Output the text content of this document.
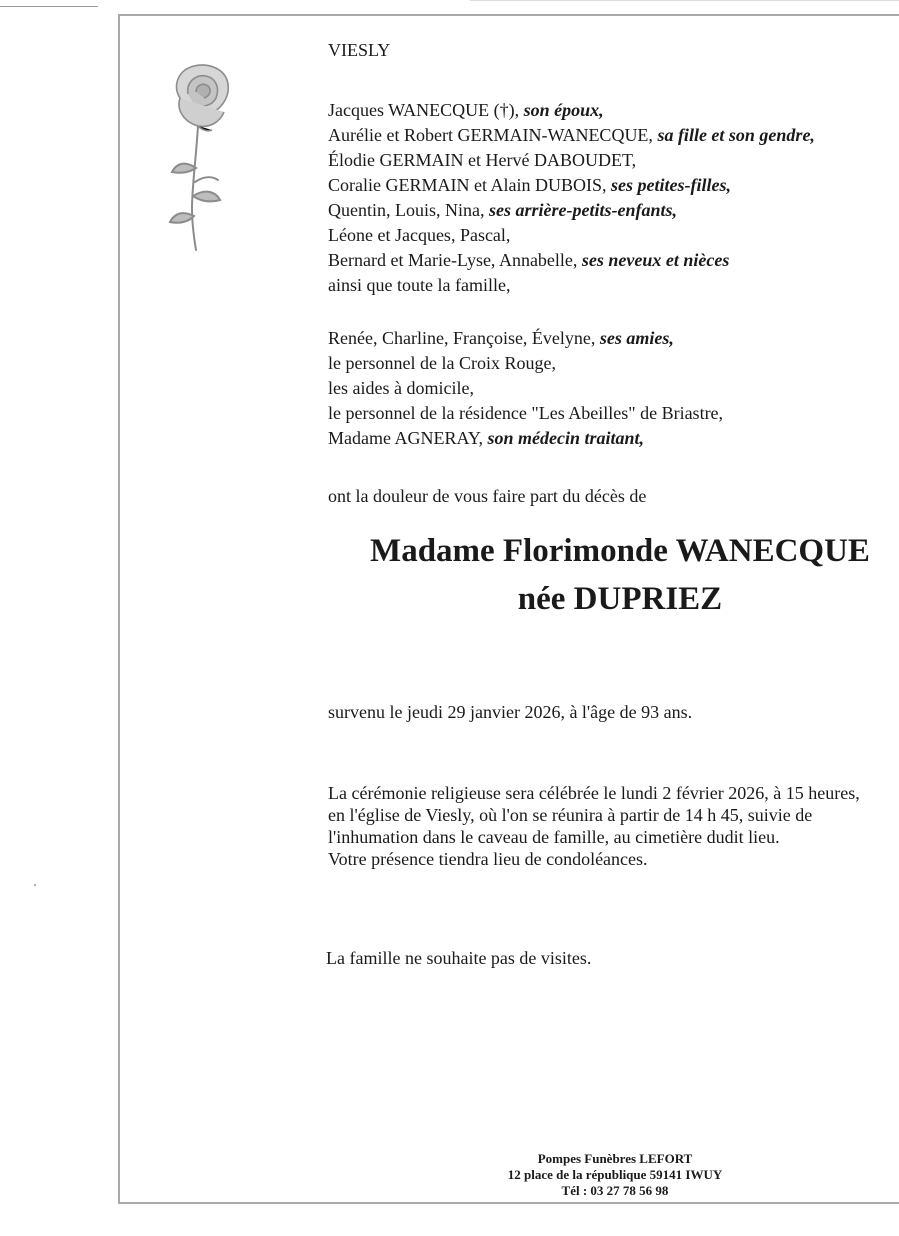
VIESLY
Jacques WANECQUE (†), son époux,
Aurélie et Robert GERMAIN-WANECQUE, sa fille et son gendre,
Élodie GERMAIN et Hervé DABOUDET,
Coralie GERMAIN et Alain DUBOIS, ses petites-filles,
Quentin, Louis, Nina, ses arrière-petits-enfants,
Léone et Jacques, Pascal,
Bernard et Marie-Lyse, Annabelle, ses neveux et nièces
ainsi que toute la famille,
Renée, Charline, Françoise, Évelyne, ses amies,
le personnel de la Croix Rouge,
les aides à domicile,
le personnel de la résidence "Les Abeilles" de Briastre,
Madame AGNERAY, son médecin traitant,
ont la douleur de vous faire part du décès de
Madame Florimonde WANECQUE
née DUPRIEZ
survenu le jeudi 29 janvier 2026, à l'âge de 93 ans.
La cérémonie religieuse sera célébrée le lundi 2 février 2026, à 15 heures,
en l'église de Viesly, où l'on se réunira à partir de 14 h 45, suivie de
l'inhumation dans le caveau de famille, au cimetière dudit lieu.
Votre présence tiendra lieu de condoléances.
La famille ne souhaite pas de visites.
Pompes Funèbres LEFORT
12 place de la république 59141 IWUY
Tél : 03 27 78 56 98
